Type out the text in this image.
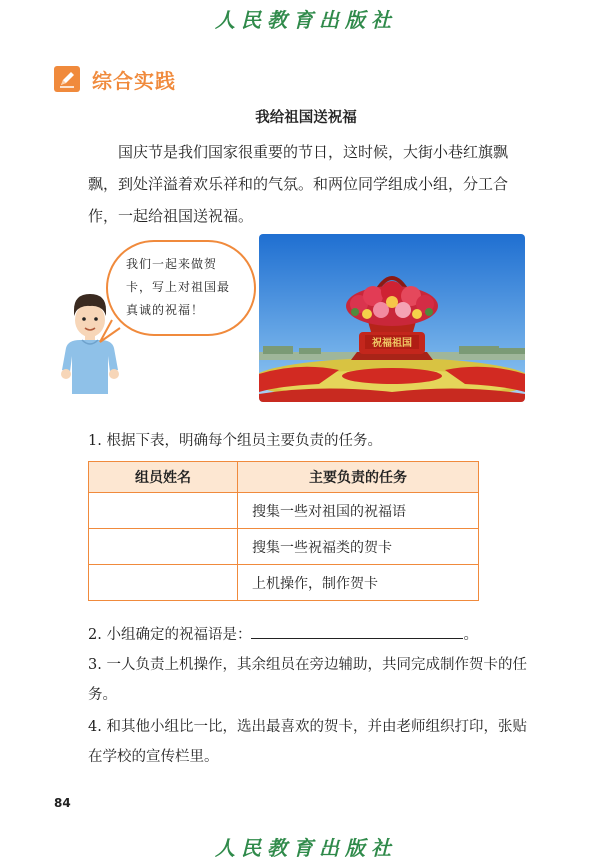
人民教育出版社
综合实践
我给祖国送祝福

国庆节是我们国家很重要的节日，这时候，大街小巷红旗飘飘，到处洋溢着欢乐祥和的气氛。和两位同学组成小组，分工合作，一起给祖国送祝福。

我们一起来做贺卡，写上对祖国最真诚的祝福！
祝福祖国

1. 根据下表，明确每个组员主要负责的任务。

组员姓名	主要负责的任务
	搜集一些对祖国的祝福语
	搜集一些祝福类的贺卡
	上机操作，制作贺卡

2. 小组确定的祝福语是：	。

3. 一人负责上机操作，其余组员在旁边辅助，共同完成制作贺卡的任务。

4. 和其他小组比一比，选出最喜欢的贺卡，并由老师组织打印，张贴在学校的宣传栏里。

84
人民教育出版社
